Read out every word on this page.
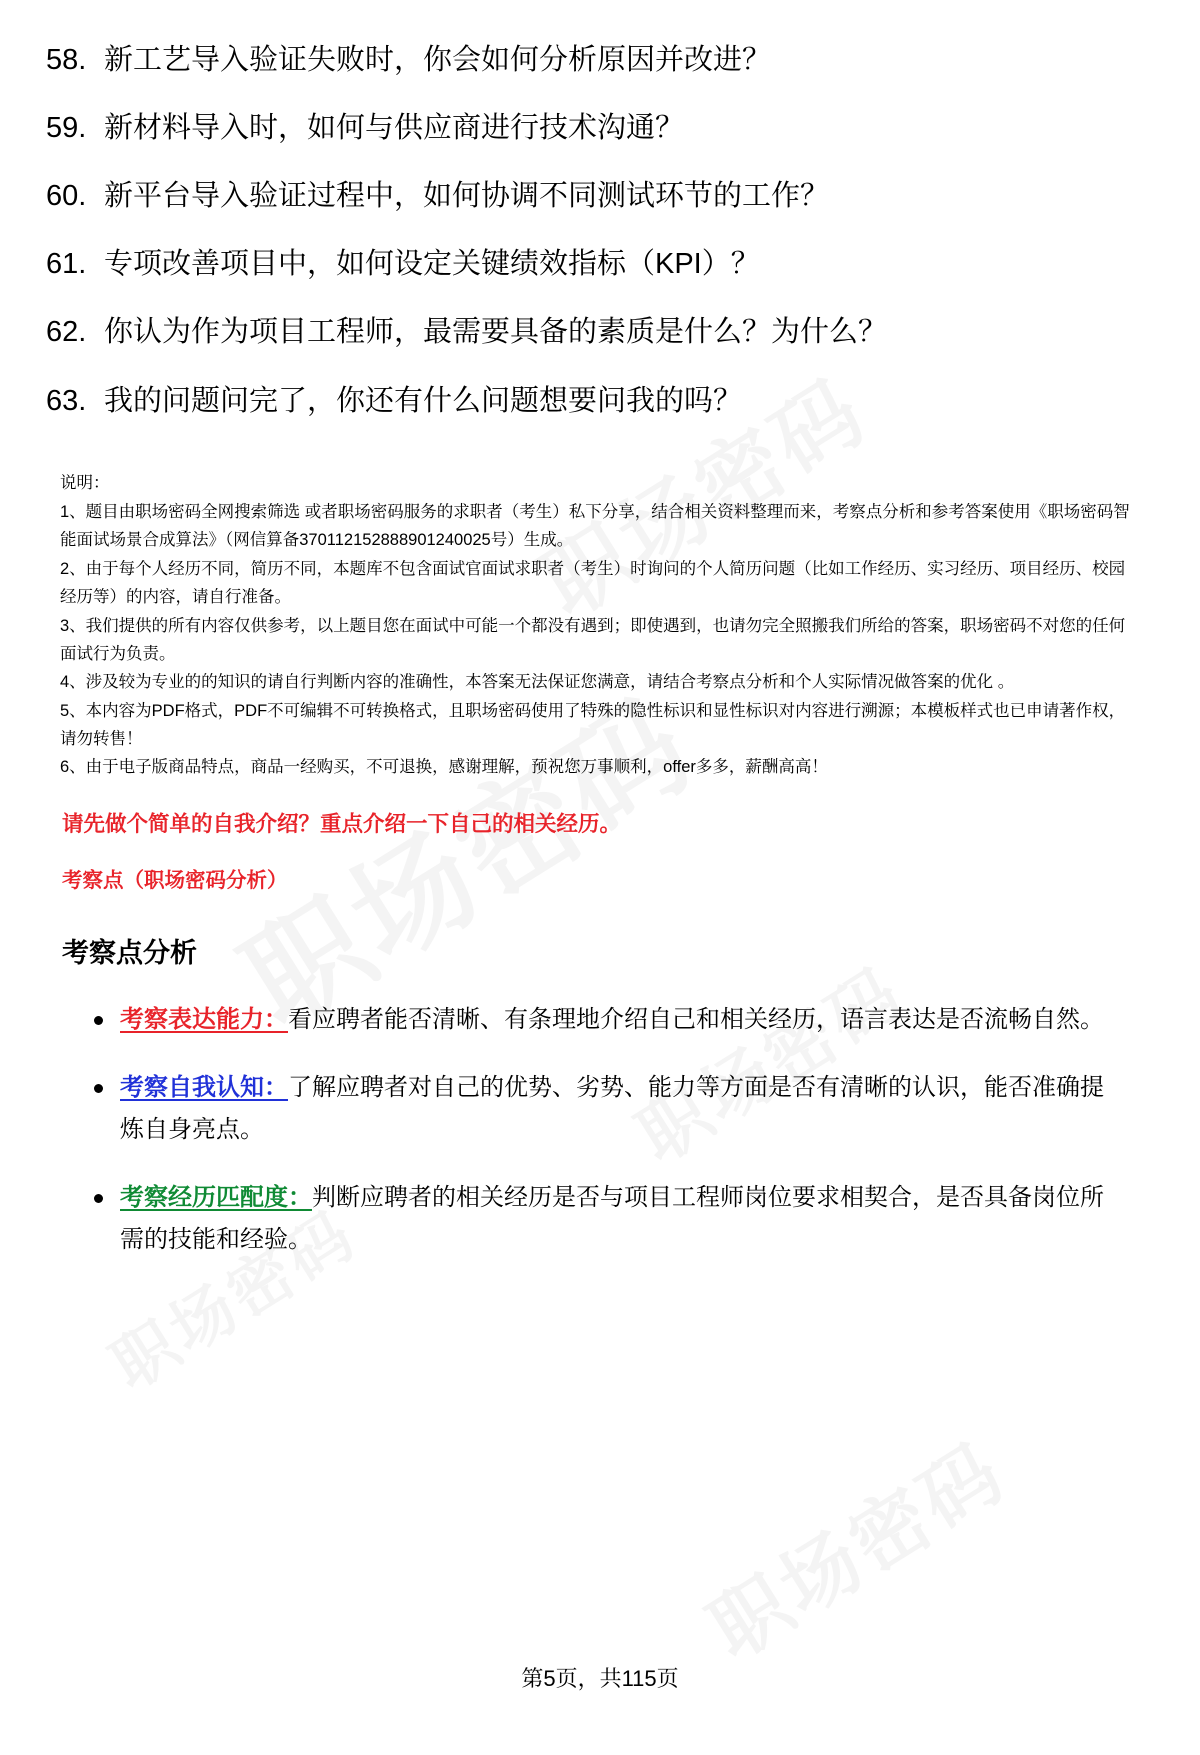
58. 新工艺导入验证失败时，你会如何分析原因并改进？
59. 新材料导入时，如何与供应商进行技术沟通？
60. 新平台导入验证过程中，如何协调不同测试环节的工作？
61. 专项改善项目中，如何设定关键绩效指标（KPI）？
62. 你认为作为项目工程师，最需要具备的素质是什么？为什么？
63. 我的问题问完了，你还有什么问题想要问我的吗？

说明：

1、题目由职场密码全网搜索筛选 或者职场密码服务的求职者（考生）私下分享，结合相关资料整理而来，考察点分析和参考答案使用《职场密码智能面试场景合成算法》（网信算备370112152888901240025号）生成。

2、由于每个人经历不同，简历不同，本题库不包含面试官面试求职者（考生）时询问的个人简历问题（比如工作经历、实习经历、项目经历、校园经历等）的内容，请自行准备。

3、我们提供的所有内容仅供参考，以上题目您在面试中可能一个都没有遇到；即使遇到，也请勿完全照搬我们所给的答案，职场密码不对您的任何面试行为负责。

4、涉及较为专业的的知识的请自行判断内容的准确性，本答案无法保证您满意，请结合考察点分析和个人实际情况做答案的优化 。

5、本内容为PDF格式，PDF不可编辑不可转换格式，且职场密码使用了特殊的隐性标识和显性标识对内容进行溯源；本模板样式也已申请著作权，请勿转售！

6、由于电子版商品特点，商品一经购买，不可退换，感谢理解，预祝您万事顺利，offer多多，薪酬高高！

请先做个简单的自我介绍？重点介绍一下自己的相关经历。
考察点（职场密码分析）
考察点分析
考察表达能力：看应聘者能否清晰、有条理地介绍自己和相关经历，语言表达是否流畅自然。
考察自我认知：了解应聘者对自己的优势、劣势、能力等方面是否有清晰的认识，能否准确提炼自身亮点。
考察经历匹配度：判断应聘者的相关经历是否与项目工程师岗位要求相契合，是否具备岗位所需的技能和经验。
第5页，共115页
